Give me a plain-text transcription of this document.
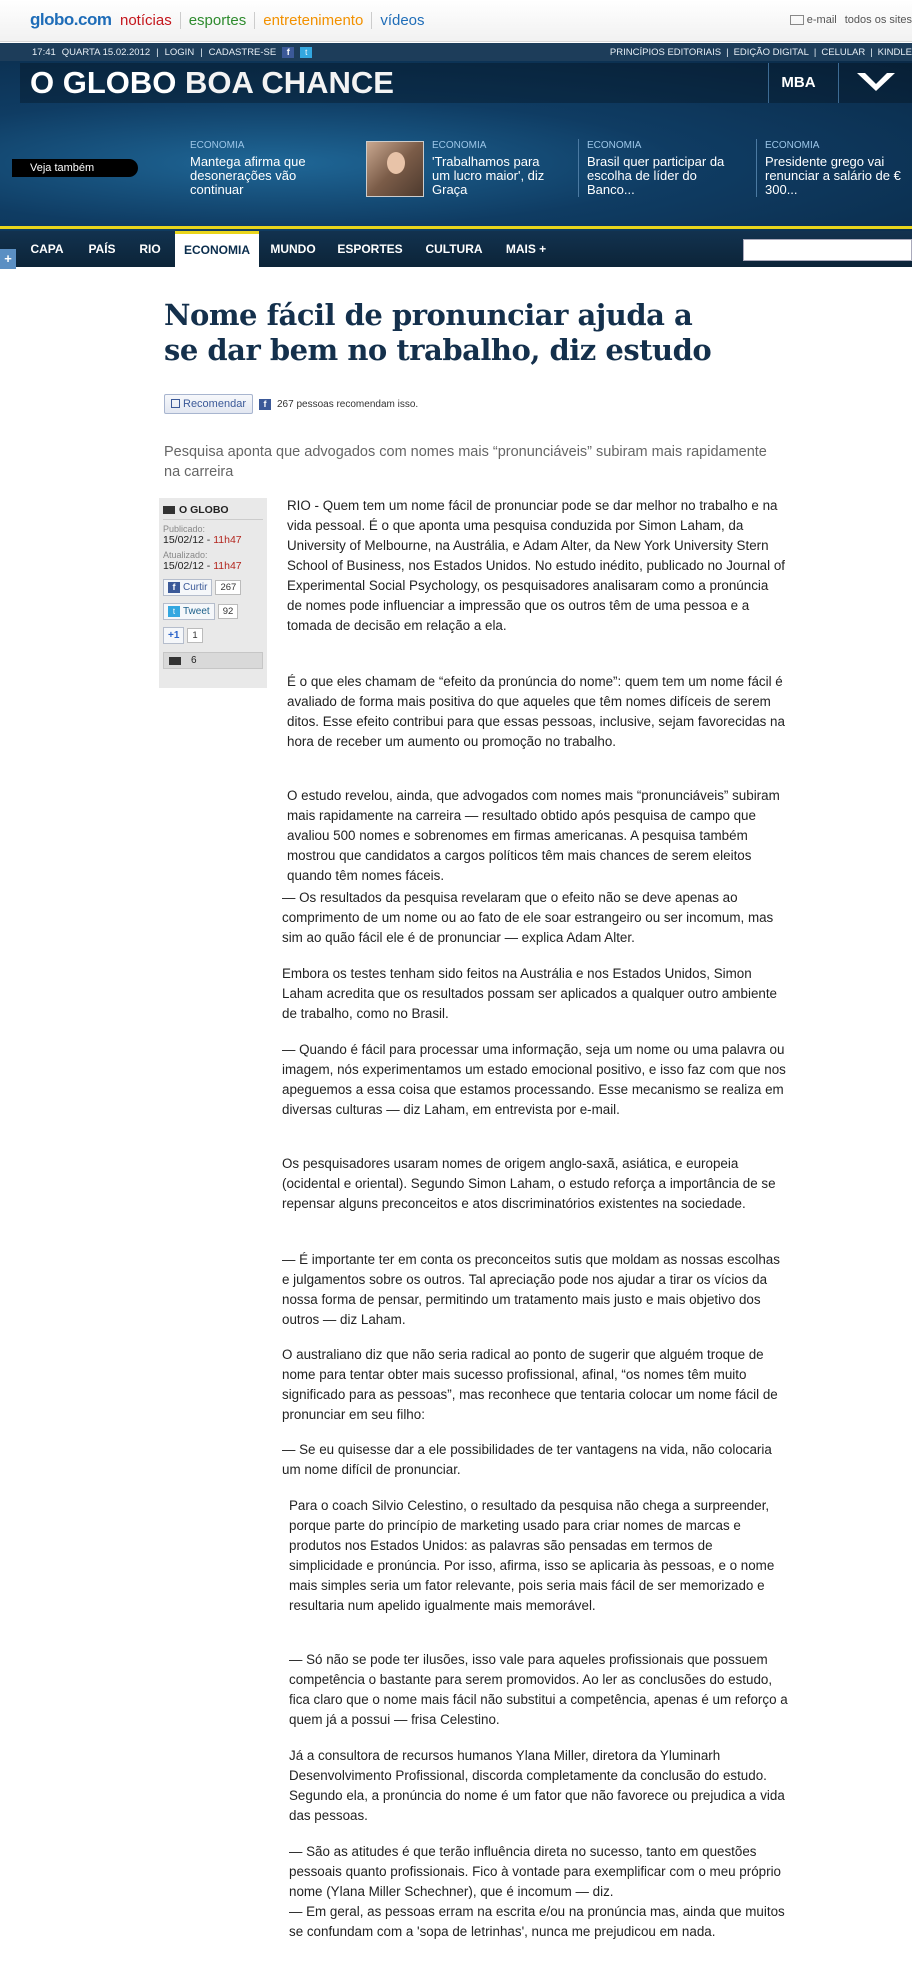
globo.com notícias	esportes	entretenimento	vídeos	e-mail todos os sites
17:41 QUARTA 15.02.2012 | LOGIN | CADASTRE-SE	f	t	PRINCÍPIOS EDITORIAIS | EDIÇÃO DIGITAL | CELULAR | KINDLE
O GLOBO BOA CHANCE	MBA
Veja também
ECONOMIA
Mantega afirma que desonerações vão continuar
ECONOMIA
'Trabalhamos para um lucro maior', diz Graça
ECONOMIA
Brasil quer participar da escolha de líder do Banco...
ECONOMIA
Presidente grego vai renunciar a salário de € 300...
CAPA	PAÍS	RIO	ECONOMIA	MUNDO	ESPORTES	CULTURA	MAIS +
+
Nome fácil de pronunciar ajuda a se dar bem no trabalho, diz estudo
Recomendar	f	267 pessoas recomendam isso.

Pesquisa aponta que advogados com nomes mais “pronunciáveis” subiram mais rapidamente na carreira

O GLOBO
Publicado:
15/02/12 - 11h47
Atualizado:
15/02/12 - 11h47
f Curtir	267
t Tweet	92
+1	1
6

RIO - Quem tem um nome fácil de pronunciar pode se dar melhor no trabalho e na vida pessoal. É o que aponta uma pesquisa conduzida por Simon Laham, da University of Melbourne, na Austrália, e Adam Alter, da New York University Stern School of Business, nos Estados Unidos. No estudo inédito, publicado no Journal of Experimental Social Psychology, os pesquisadores analisaram como a pronúncia de nomes pode influenciar a impressão que os outros têm de uma pessoa e a tomada de decisão em relação a ela.

É o que eles chamam de “efeito da pronúncia do nome”: quem tem um nome fácil é avaliado de forma mais positiva do que aqueles que têm nomes difíceis de serem ditos. Esse efeito contribui para que essas pessoas, inclusive, sejam favorecidas na hora de receber um aumento ou promoção no trabalho.

O estudo revelou, ainda, que advogados com nomes mais “pronunciáveis” subiram mais rapidamente na carreira — resultado obtido após pesquisa de campo que avaliou 500 nomes e sobrenomes em firmas americanas. A pesquisa também mostrou que candidatos a cargos políticos têm mais chances de serem eleitos quando têm nomes fáceis.

— Os resultados da pesquisa revelaram que o efeito não se deve apenas ao comprimento de um nome ou ao fato de ele soar estrangeiro ou ser incomum, mas sim ao quão fácil ele é de pronunciar — explica Adam Alter.

Embora os testes tenham sido feitos na Austrália e nos Estados Unidos, Simon Laham acredita que os resultados possam ser aplicados a qualquer outro ambiente de trabalho, como no Brasil.

— Quando é fácil para processar uma informação, seja um nome ou uma palavra ou imagem, nós experimentamos um estado emocional positivo, e isso faz com que nos apeguemos a essa coisa que estamos processando. Esse mecanismo se realiza em diversas culturas — diz Laham, em entrevista por e-mail.

Os pesquisadores usaram nomes de origem anglo-saxã, asiática, e europeia (ocidental e oriental). Segundo Simon Laham, o estudo reforça a importância de se repensar alguns preconceitos e atos discriminatórios existentes na sociedade.

— É importante ter em conta os preconceitos sutis que moldam as nossas escolhas e julgamentos sobre os outros. Tal apreciação pode nos ajudar a tirar os vícios da nossa forma de pensar, permitindo um tratamento mais justo e mais objetivo dos outros — diz Laham.

O australiano diz que não seria radical ao ponto de sugerir que alguém troque de nome para tentar obter mais sucesso profissional, afinal, “os nomes têm muito significado para as pessoas”, mas reconhece que tentaria colocar um nome fácil de pronunciar em seu filho:

— Se eu quisesse dar a ele possibilidades de ter vantagens na vida, não colocaria um nome difícil de pronunciar.

Para o coach Silvio Celestino, o resultado da pesquisa não chega a surpreender, porque parte do princípio de marketing usado para criar nomes de marcas e produtos nos Estados Unidos: as palavras são pensadas em termos de simplicidade e pronúncia. Por isso, afirma, isso se aplicaria às pessoas, e o nome mais simples seria um fator relevante, pois seria mais fácil de ser memorizado e resultaria num apelido igualmente mais memorável.

— Só não se pode ter ilusões, isso vale para aqueles profissionais que possuem competência o bastante para serem promovidos. Ao ler as conclusões do estudo, fica claro que o nome mais fácil não substitui a competência, apenas é um reforço a quem já a possui — frisa Celestino.

Já a consultora de recursos humanos Ylana Miller, diretora da Yluminarh Desenvolvimento Profissional, discorda completamente da conclusão do estudo. Segundo ela, a pronúncia do nome é um fator que não favorece ou prejudica a vida das pessoas.

— São as atitudes é que terão influência direta no sucesso, tanto em questões pessoais quanto profissionais. Fico à vontade para exemplificar com o meu próprio nome (Ylana Miller Schechner), que é incomum — diz.

— Em geral, as pessoas erram na escrita e/ou na pronúncia mas, ainda que muitos se confundam com a 'sopa de letrinhas', nunca me prejudicou em nada.
